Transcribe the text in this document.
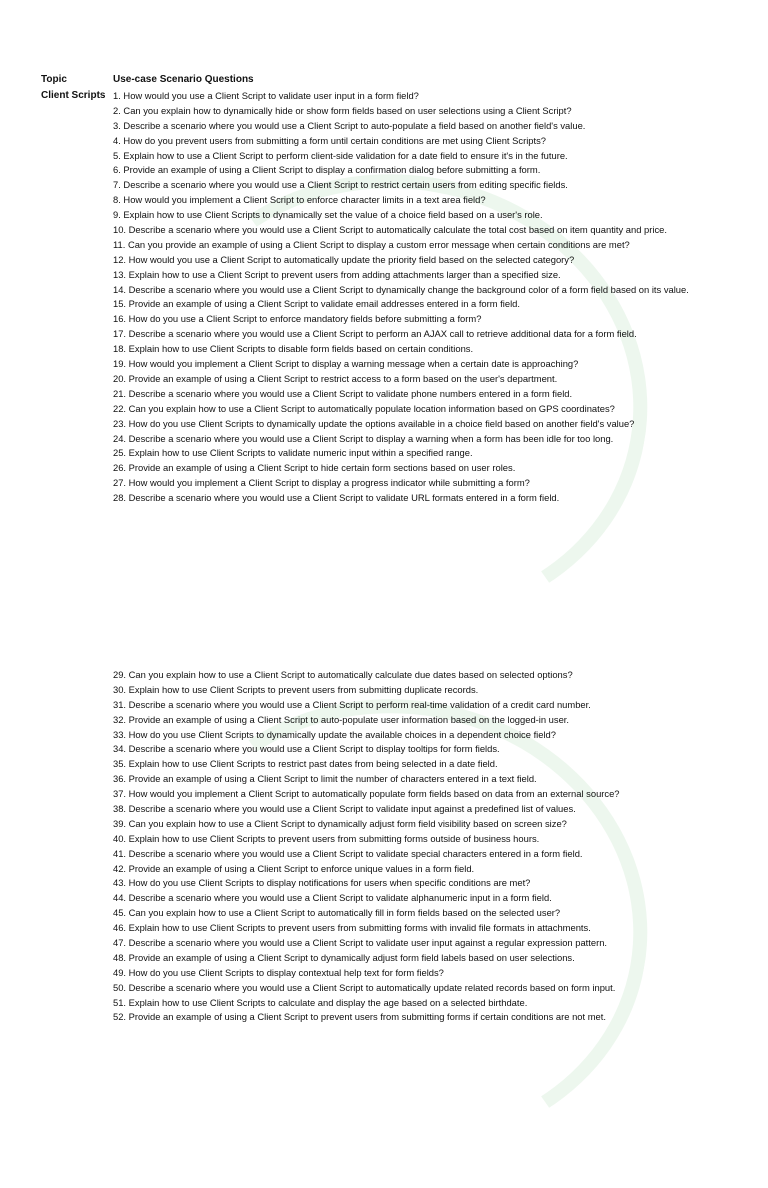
Topic	Use-case Scenario Questions
Client Scripts 1. How would you use a Client Script to validate user input in a form field?
2. Can you explain how to dynamically hide or show form fields based on user selections using a Client Script?
3. Describe a scenario where you would use a Client Script to auto-populate a field based on another field's value.
4. How do you prevent users from submitting a form until certain conditions are met using Client Scripts?
5. Explain how to use a Client Script to perform client-side validation for a date field to ensure it's in the future.
6. Provide an example of using a Client Script to display a confirmation dialog before submitting a form.
7. Describe a scenario where you would use a Client Script to restrict certain users from editing specific fields.
8. How would you implement a Client Script to enforce character limits in a text area field?
9. Explain how to use Client Scripts to dynamically set the value of a choice field based on a user's role.
10. Describe a scenario where you would use a Client Script to automatically calculate the total cost based on item quantity and price.
11. Can you provide an example of using a Client Script to display a custom error message when certain conditions are met?
12. How would you use a Client Script to automatically update the priority field based on the selected category?
13. Explain how to use a Client Script to prevent users from adding attachments larger than a specified size.
14. Describe a scenario where you would use a Client Script to dynamically change the background color of a form field based on its value.
15. Provide an example of using a Client Script to validate email addresses entered in a form field.
16. How do you use a Client Script to enforce mandatory fields before submitting a form?
17. Describe a scenario where you would use a Client Script to perform an AJAX call to retrieve additional data for a form field.
18. Explain how to use Client Scripts to disable form fields based on certain conditions.
19. How would you implement a Client Script to display a warning message when a certain date is approaching?
20. Provide an example of using a Client Script to restrict access to a form based on the user's department.
21. Describe a scenario where you would use a Client Script to validate phone numbers entered in a form field.
22. Can you explain how to use a Client Script to automatically populate location information based on GPS coordinates?
23. How do you use Client Scripts to dynamically update the options available in a choice field based on another field's value?
24. Describe a scenario where you would use a Client Script to display a warning when a form has been idle for too long.
25. Explain how to use Client Scripts to validate numeric input within a specified range.
26. Provide an example of using a Client Script to hide certain form sections based on user roles.
27. How would you implement a Client Script to display a progress indicator while submitting a form?
28. Describe a scenario where you would use a Client Script to validate URL formats entered in a form field.
29. Can you explain how to use a Client Script to automatically calculate due dates based on selected options?
30. Explain how to use Client Scripts to prevent users from submitting duplicate records.
31. Describe a scenario where you would use a Client Script to perform real-time validation of a credit card number.
32. Provide an example of using a Client Script to auto-populate user information based on the logged-in user.
33. How do you use Client Scripts to dynamically update the available choices in a dependent choice field?
34. Describe a scenario where you would use a Client Script to display tooltips for form fields.
35. Explain how to use Client Scripts to restrict past dates from being selected in a date field.
36. Provide an example of using a Client Script to limit the number of characters entered in a text field.
37. How would you implement a Client Script to automatically populate form fields based on data from an external source?
38. Describe a scenario where you would use a Client Script to validate input against a predefined list of values.
39. Can you explain how to use a Client Script to dynamically adjust form field visibility based on screen size?
40. Explain how to use Client Scripts to prevent users from submitting forms outside of business hours.
41. Describe a scenario where you would use a Client Script to validate special characters entered in a form field.
42. Provide an example of using a Client Script to enforce unique values in a form field.
43. How do you use Client Scripts to display notifications for users when specific conditions are met?
44. Describe a scenario where you would use a Client Script to validate alphanumeric input in a form field.
45. Can you explain how to use a Client Script to automatically fill in form fields based on the selected user?
46. Explain how to use Client Scripts to prevent users from submitting forms with invalid file formats in attachments.
47. Describe a scenario where you would use a Client Script to validate user input against a regular expression pattern.
48. Provide an example of using a Client Script to dynamically adjust form field labels based on user selections.
49. How do you use Client Scripts to display contextual help text for form fields?
50. Describe a scenario where you would use a Client Script to automatically update related records based on form input.
51. Explain how to use Client Scripts to calculate and display the age based on a selected birthdate.
52. Provide an example of using a Client Script to prevent users from submitting forms if certain conditions are not met.
